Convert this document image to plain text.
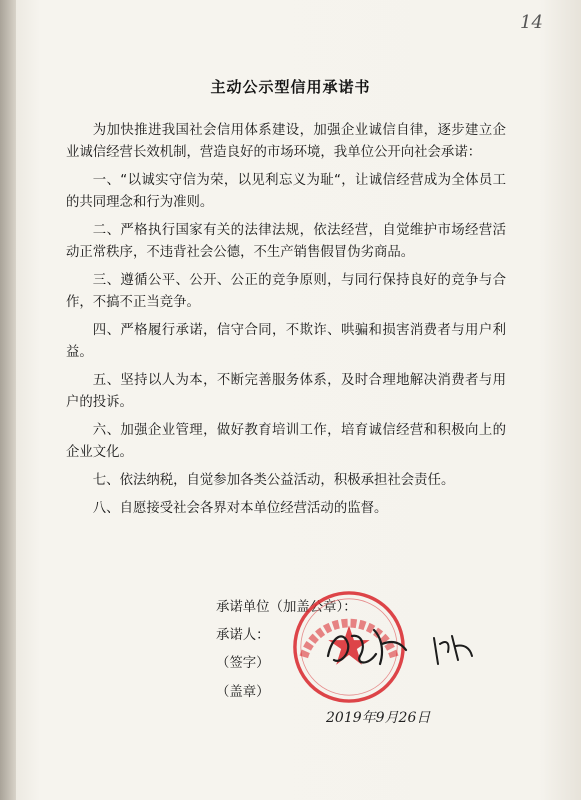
14
主动公示型信用承诺书

为加快推进我国社会信用体系建设，加强企业诚信自律，逐步建立企业诚信经营长效机制，营造良好的市场环境，我单位公开向社会承诺：

一、“以诚实守信为荣，以见利忘义为耻“，让诚信经营成为全体员工的共同理念和行为准则。

二、严格执行国家有关的法律法规，依法经营，自觉维护市场经营活动正常秩序，不违背社会公德，不生产销售假冒伪劣商品。

三、遵循公平、公开、公正的竞争原则，与同行保持良好的竞争与合作，不搞不正当竞争。

四、严格履行承诺，信守合同，不欺诈、哄骗和损害消费者与用户利益。

五、坚持以人为本，不断完善服务体系，及时合理地解决消费者与用户的投诉。

六、加强企业管理，做好教育培训工作，培育诚信经营和积极向上的企业文化。

七、依法纳税，自觉参加各类公益活动，积极承担社会责任。

八、自愿接受社会各界对本单位经营活动的监督。

承诺单位（加盖公章）：
承诺人：
（签字）
（盖章）
2019年9月26日
